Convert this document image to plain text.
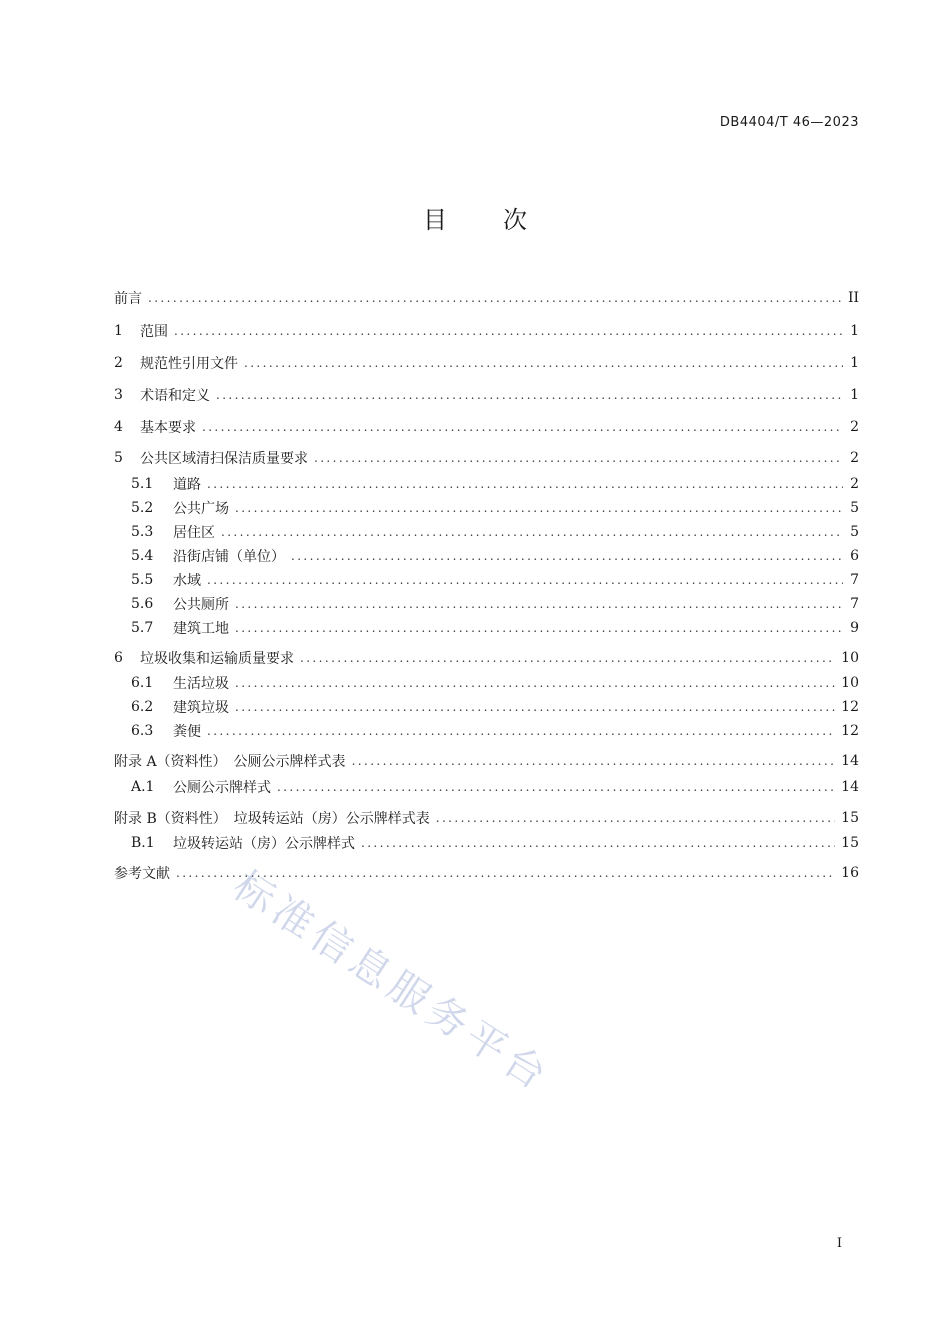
DB4404/T 46—2023
目次
前言 .....	II
1	范围 .....	1
2	规范性引用文件 .....	1
3	术语和定义 .....	1
4	基本要求 .....	2
5	公共区域清扫保洁质量要求 .....	2
5.1	道路 .....	2
5.2	公共广场 .....	5
5.3	居住区 .....	5
5.4	沿街店铺（单位） .....	6
5.5	水域 .....	7
5.6	公共厕所 .....	7
5.7	建筑工地 .....	9
6	垃圾收集和运输质量要求 .....	10
6.1	生活垃圾 .....	10
6.2	建筑垃圾 .....	12
6.3	粪便 .....	12
附录 A（资料性）　公厕公示牌样式表 .....	14
A.1	公厕公示牌样式 .....	14
附录 B（资料性）　垃圾转运站（房）公示牌样式表 .....	15
B.1	垃圾转运站（房）公示牌样式 .....	15
参考文献 .....	16
标准信息服务平台
I
